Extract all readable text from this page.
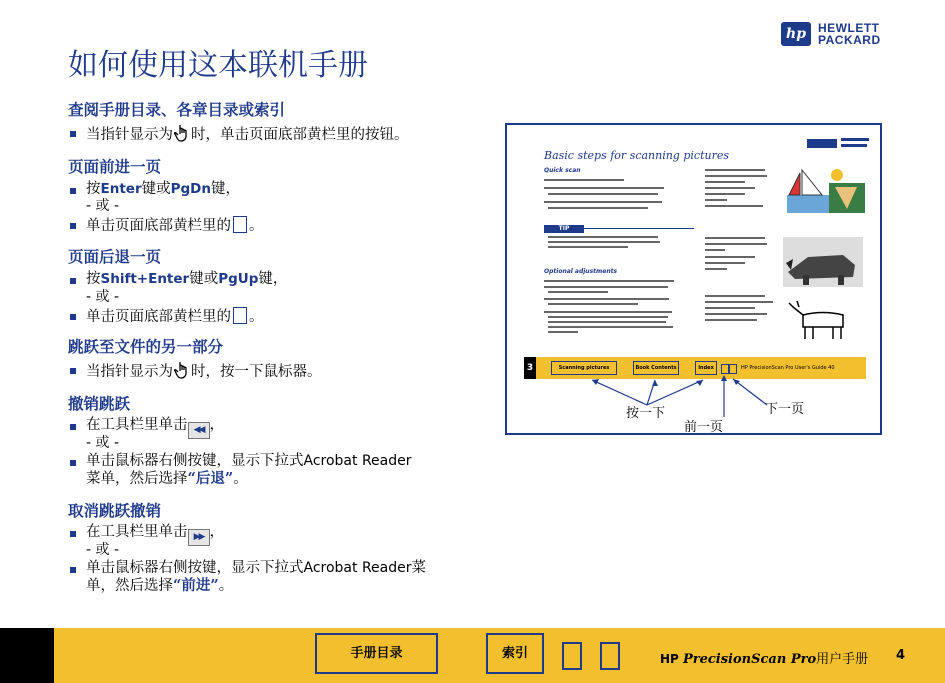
hp	HEWLETT
PACKARD
如何使用这本联机手册
查阅手册目录、各章目录或索引
当指针显示为 时，单击页面底部黄栏里的按钮。
页面前进一页
按Enter键或PgDn键，
- 或 -
单击页面底部黄栏里的 。
页面后退一页
按Shift+Enter键或PgUp键，
- 或 -
单击页面底部黄栏里的 。
跳跃至文件的另一部分
当指针显示为 时，按一下鼠标器。
撤销跳跃
在工具栏里单击 ◀◀ ，
- 或 -
单击鼠标器右侧按键，显示下拉式Acrobat Reader
菜单，然后选择“后退”。
取消跳跃撤销
在工具栏里单击 ▶▶ ，
- 或 -
单击鼠标器右侧按键，显示下拉式Acrobat Reader菜
单，然后选择“前进”。
Basic steps for scanning pictures
Quick scan
TIP
Optional adjustments
3	Scanning pictures	Book Contents	Index	HP PrecisionScan Pro User's Guide 40
按一下
前一页
下一页
手册目录	索引	HP PrecisionScan Pro用户手册 4
